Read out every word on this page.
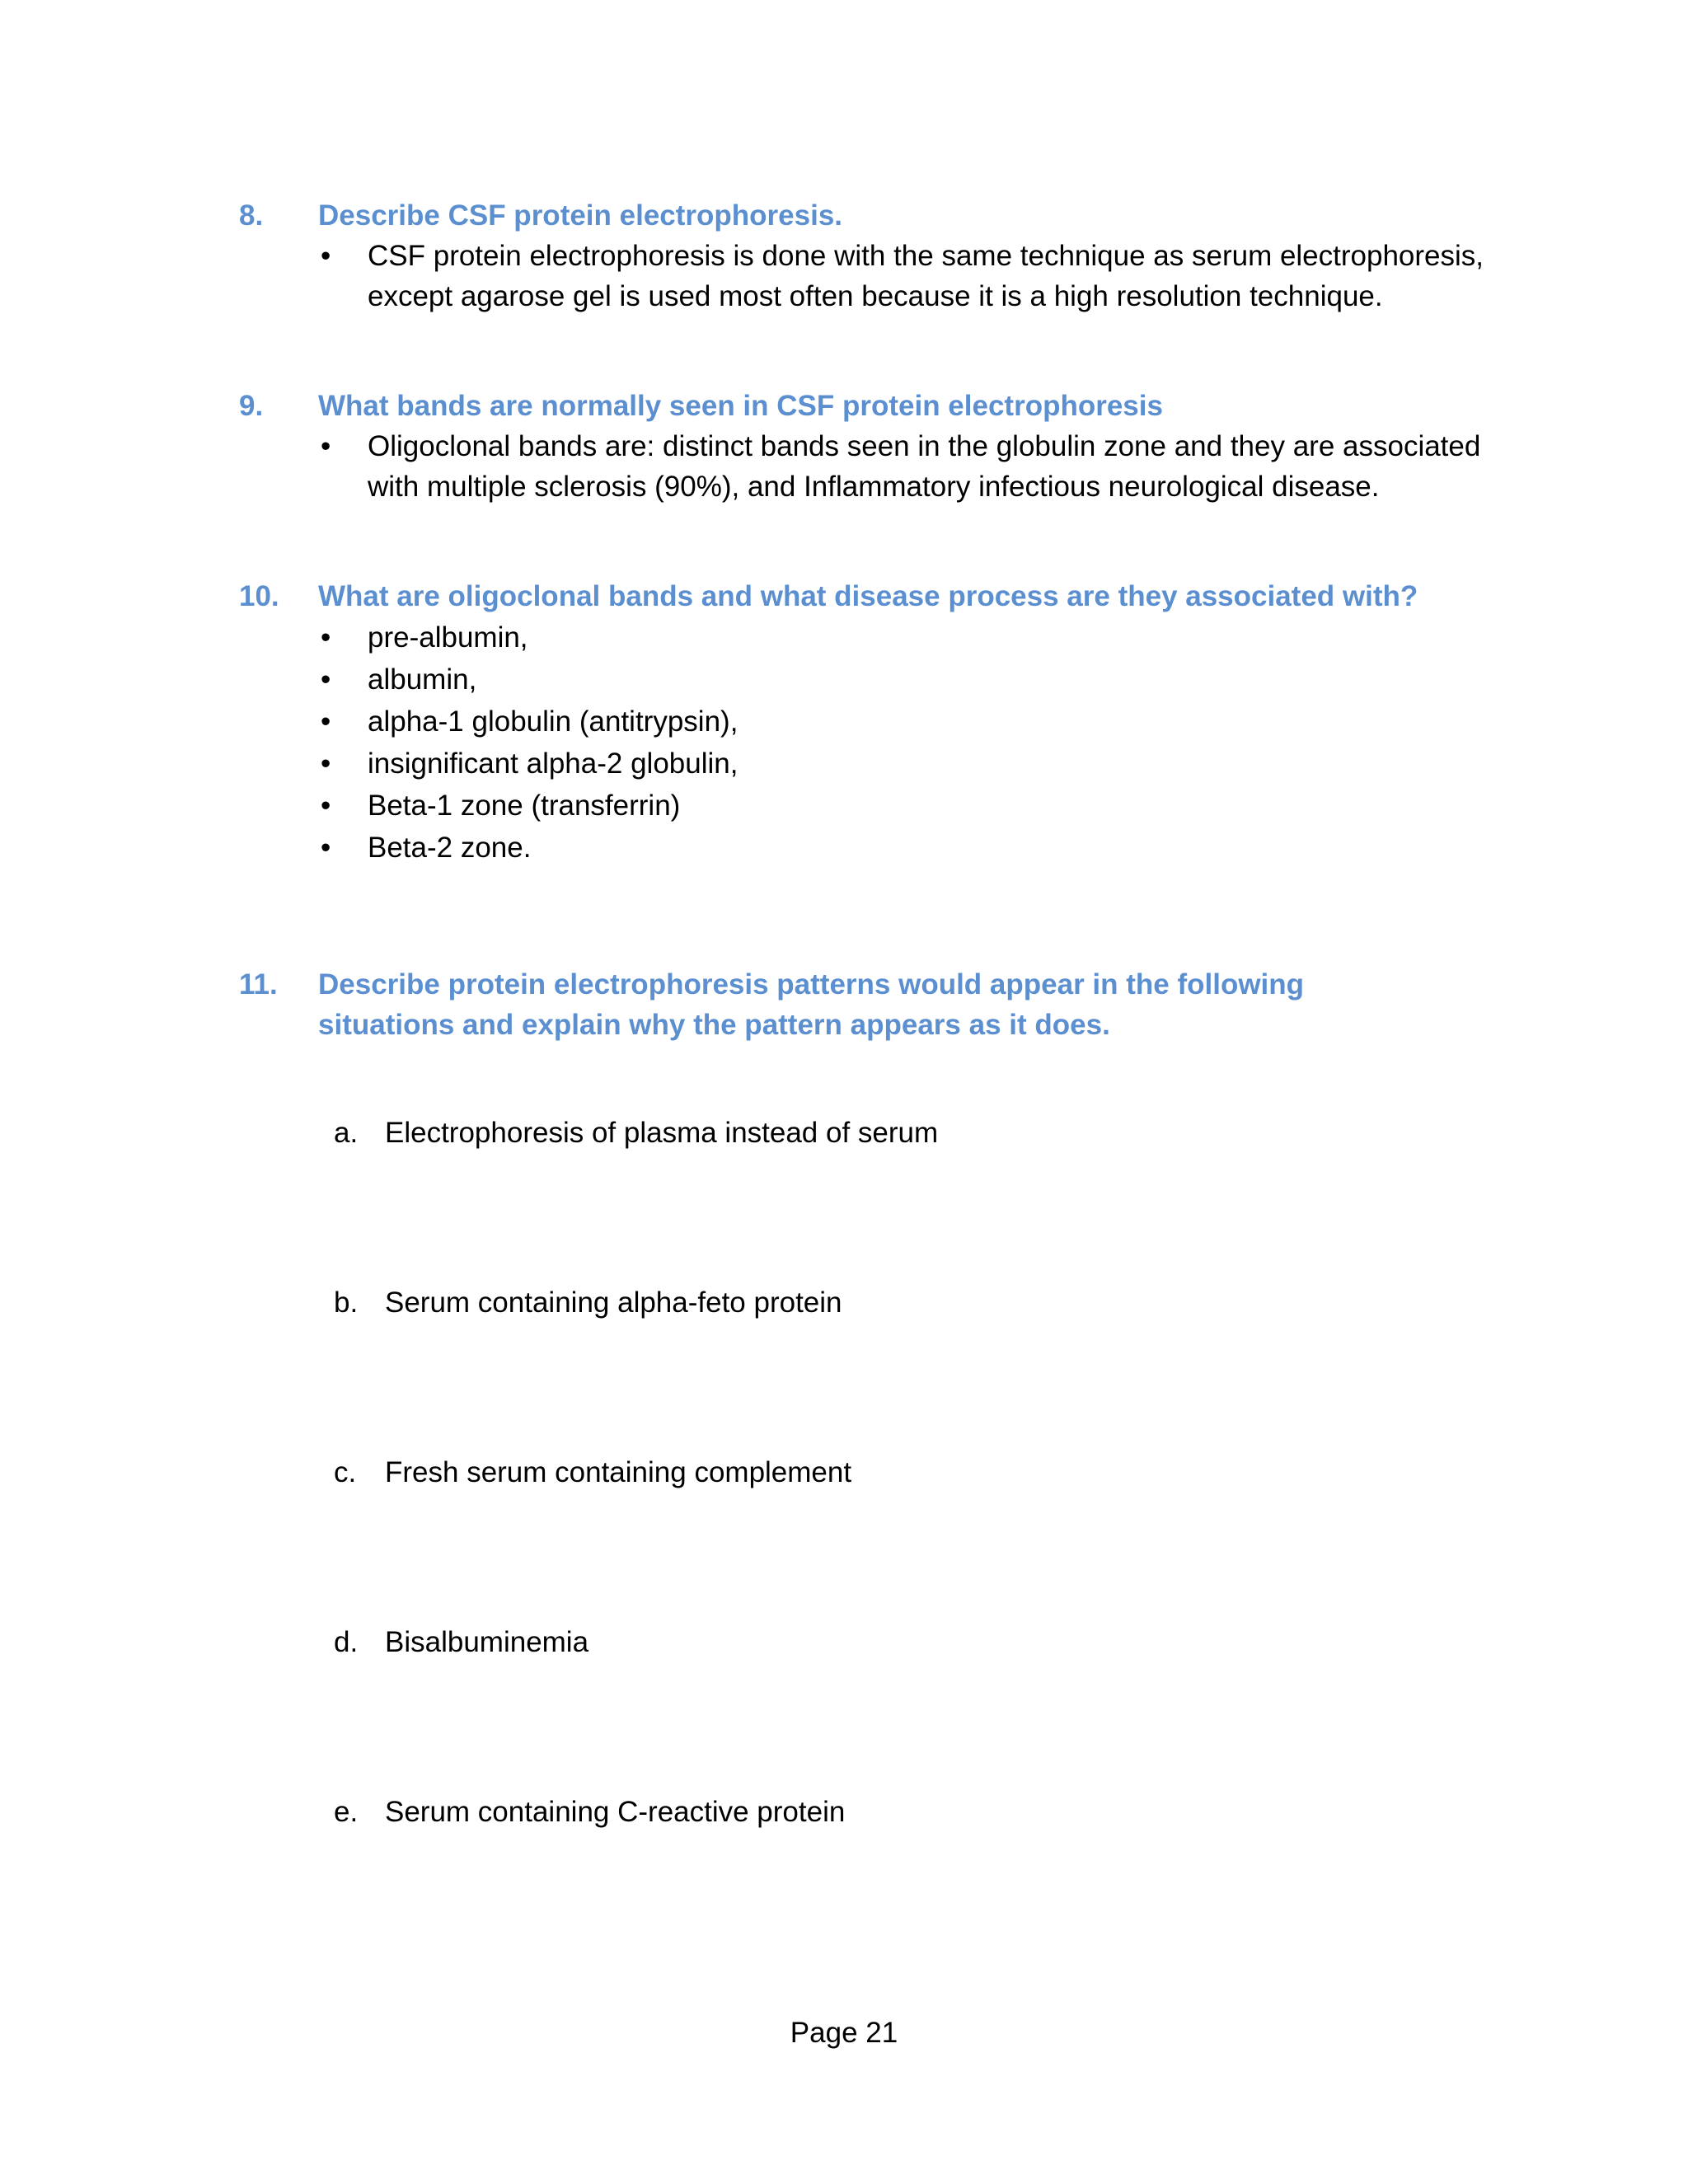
8.	Describe CSF protein electrophoresis.
•	CSF protein electrophoresis is done with the same technique as serum electrophoresis, except agarose gel is used most often because it is a high resolution technique.
9.	What bands are normally seen in CSF protein electrophoresis
•	Oligoclonal bands are: distinct bands seen in the globulin zone and they are associated with multiple sclerosis (90%), and Inflammatory infectious neurological disease.
10.	What are oligoclonal bands and what disease process are they associated with?
•	pre-albumin,
•	albumin,
•	alpha-1 globulin (antitrypsin),
•	insignificant alpha-2 globulin,
•	Beta-1 zone (transferrin)
•	Beta-2 zone.
11.	Describe protein electrophoresis patterns would appear in the following situations and explain why the pattern appears as it does.
a. Electrophoresis of plasma instead of serum
b. Serum containing alpha-feto protein
c. Fresh serum containing complement
d. Bisalbuminemia
e. Serum containing C-reactive protein
Page 21
